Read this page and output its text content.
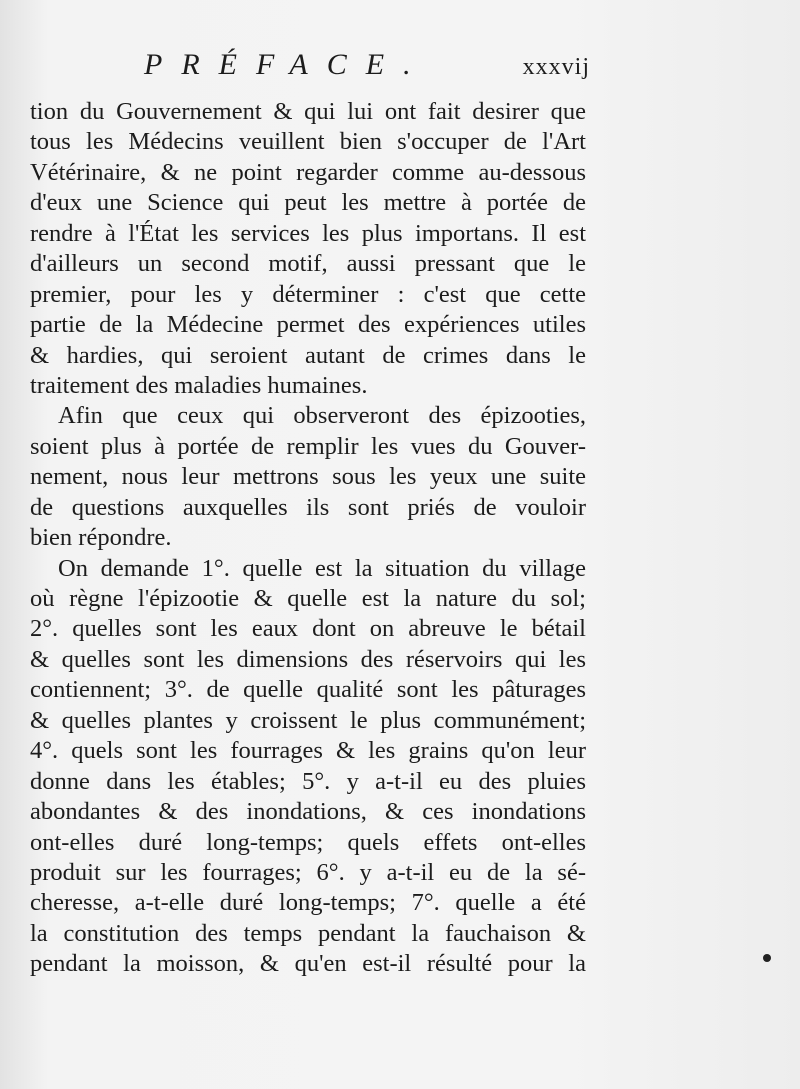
PRÉFACE.	xxxvij
tion du Gouvernement & qui lui ont fait desirer que
tous les Médecins veuillent bien s'occuper de l'Art
Vétérinaire, & ne point regarder comme au-dessous
d'eux une Science qui peut les mettre à portée de
rendre à l'État les services les plus importans. Il est
d'ailleurs un second motif, aussi pressant que le
premier, pour les y déterminer : c'est que cette
partie de la Médecine permet des expériences utiles
& hardies, qui seroient autant de crimes dans le
traitement des maladies humaines.
Afin que ceux qui observeront des épizooties,
soient plus à portée de remplir les vues du Gouver-
nement, nous leur mettrons sous les yeux une suite
de questions auxquelles ils sont priés de vouloir
bien répondre.
On demande 1°. quelle est la situation du village
où règne l'épizootie & quelle est la nature du sol;
2°. quelles sont les eaux dont on abreuve le bétail
& quelles sont les dimensions des réservoirs qui les
contiennent; 3°. de quelle qualité sont les pâturages
& quelles plantes y croissent le plus communément;
4°. quels sont les fourrages & les grains qu'on leur
donne dans les étables; 5°. y a-t-il eu des pluies
abondantes & des inondations, & ces inondations
ont-elles duré long-temps; quels effets ont-elles
produit sur les fourrages; 6°. y a-t-il eu de la sé-
cheresse, a-t-elle duré long-temps; 7°. quelle a été
la constitution des temps pendant la fauchaison &
pendant la moisson, & qu'en est-il résulté pour la
